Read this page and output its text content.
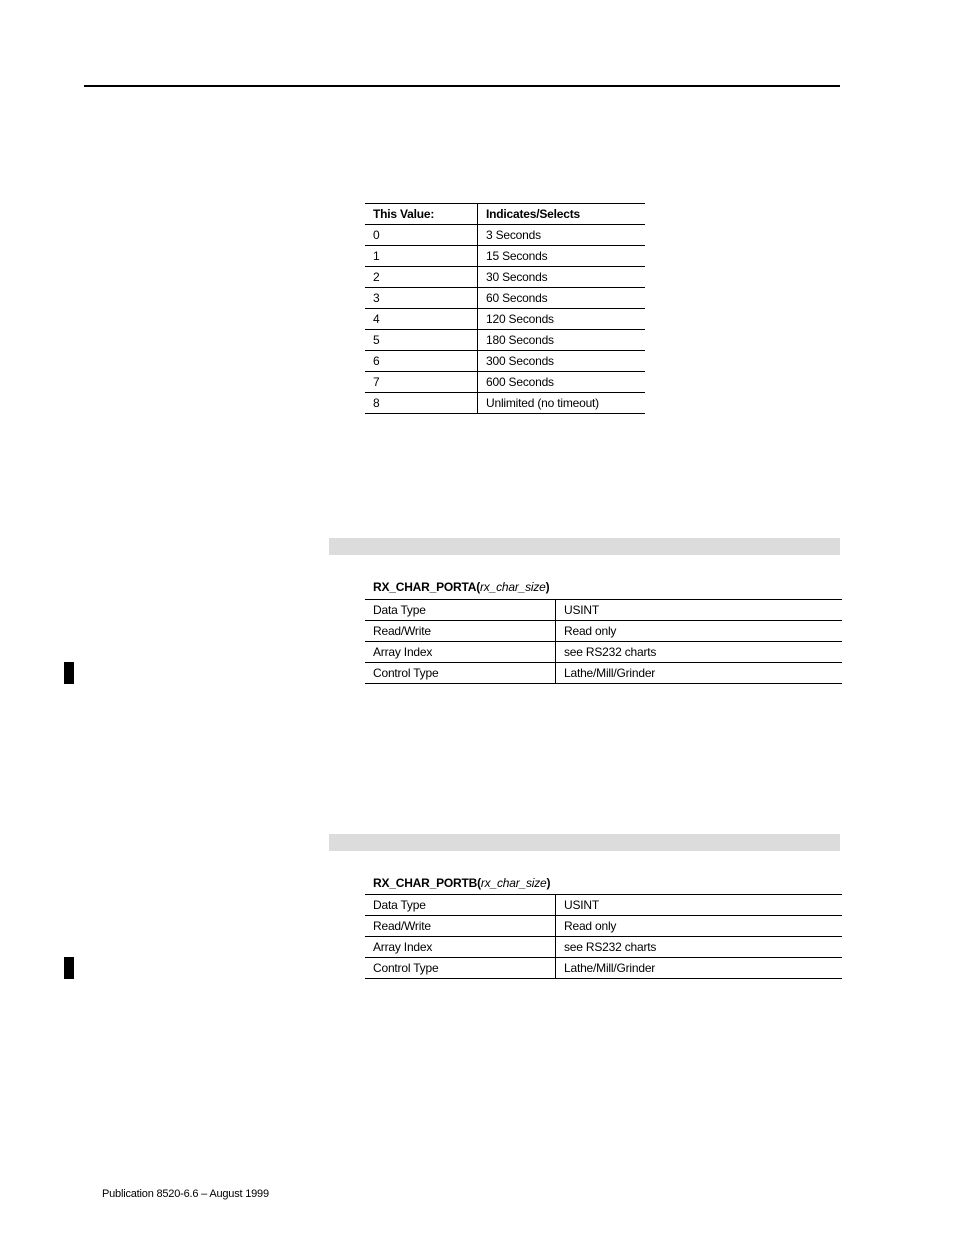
This Value:	Indicates/Selects
0	3 Seconds
1	15 Seconds
2	30 Seconds
3	60 Seconds
4	120 Seconds
5	180 Seconds
6	300 Seconds
7	600 Seconds
8	Unlimited (no timeout)
RX_CHAR_PORTA(rx_char_size)
Data Type	USINT
Read/Write	Read only
Array Index	see RS232 charts
Control Type	Lathe/Mill/Grinder
RX_CHAR_PORTB(rx_char_size)
Data Type	USINT
Read/Write	Read only
Array Index	see RS232 charts
Control Type	Lathe/Mill/Grinder
Publication 8520-6.6 – August 1999
